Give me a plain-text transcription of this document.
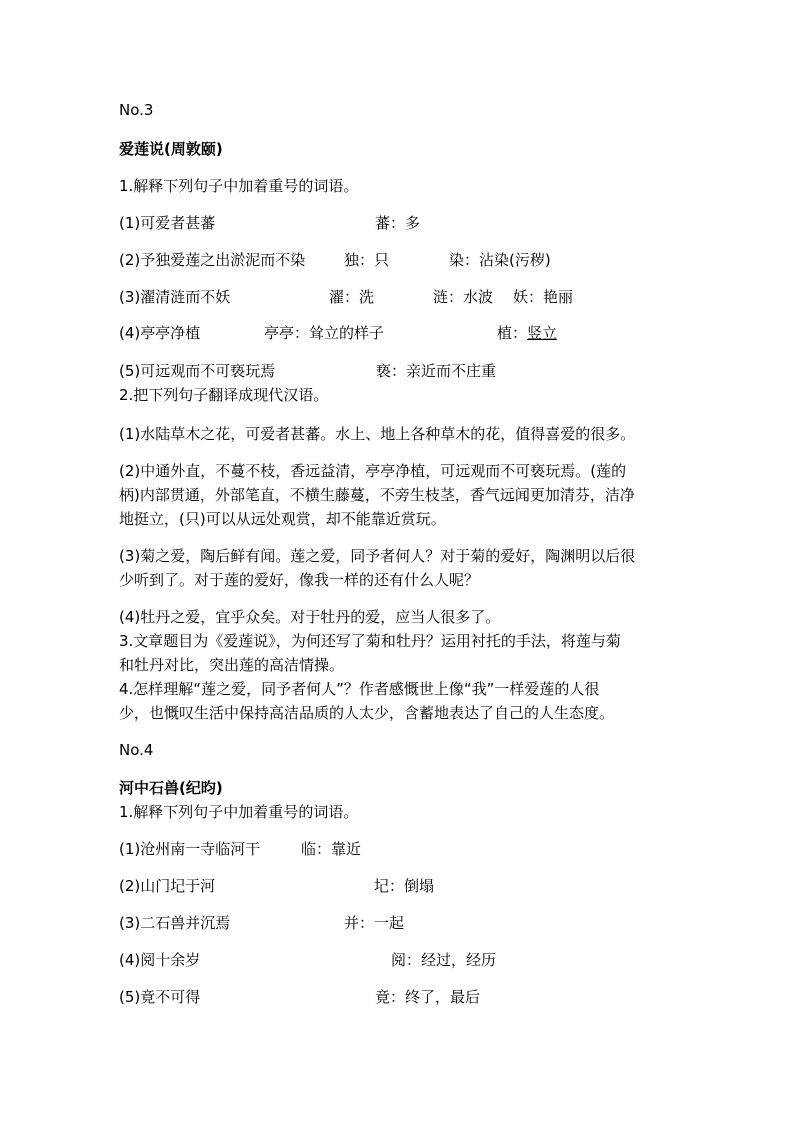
No.3
爱莲说(周敦颐)
1.解释下列句子中加着重号的词语。
(1)可爱者甚蕃	蕃：多
(2)予独爱莲之出淤泥而不染	独：只	染：沾染(污秽)
(3)濯清涟而不妖	濯：洗	涟：水波 妖：艳丽
(4)亭亭净植	亭亭：耸立的样子	植：竖立
(5)可远观而不可亵玩焉	亵：亲近而不庄重
2.把下列句子翻译成现代汉语。
(1)水陆草木之花，可爱者甚蕃。水上、地上各种草木的花，值得喜爱的很多。
(2)中通外直，不蔓不枝，香远益清，亭亭净植，可远观而不可亵玩焉。(莲的
柄)内部贯通，外部笔直，不横生藤蔓，不旁生枝茎，香气远闻更加清芬，洁净
地挺立，(只)可以从远处观赏，却不能靠近赏玩。
(3)菊之爱，陶后鲜有闻。莲之爱，同予者何人？对于菊的爱好，陶渊明以后很
少听到了。对于莲的爱好，像我一样的还有什么人呢？
(4)牡丹之爱，宜乎众矣。对于牡丹的爱，应当人很多了。
3.文章题目为《爱莲说》，为何还写了菊和牡丹？运用衬托的手法，将莲与菊
和牡丹对比，突出莲的高洁情操。
4.怎样理解“莲之爱，同予者何人”？作者感慨世上像“我”一样爱莲的人很
少，也慨叹生活中保持高洁品质的人太少，含蓄地表达了自己的人生态度。
No.4
河中石兽(纪昀)
1.解释下列句子中加着重号的词语。
(1)沧州南一寺临河干	临：靠近
(2)山门圮于河	圮：倒塌
(3)二石兽并沉焉	并：一起
(4)阅十余岁	阅：经过，经历
(5)竟不可得	竟：终了，最后
